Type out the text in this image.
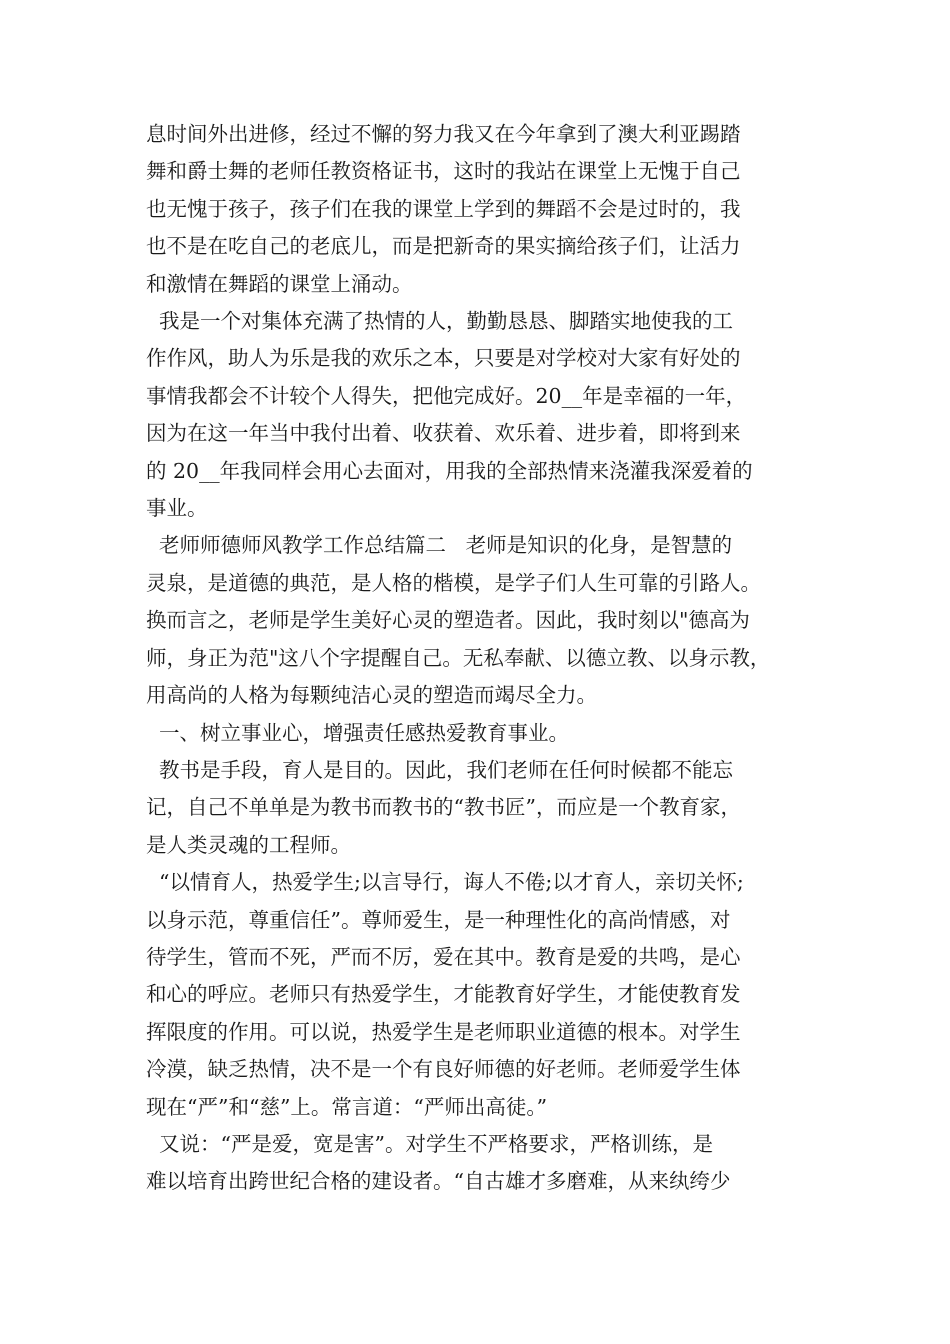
息时间外出进修，经过不懈的努力我又在今年拿到了澳大利亚踢踏

舞和爵士舞的老师任教资格证书，这时的我站在课堂上无愧于自己

也无愧于孩子，孩子们在我的课堂上学到的舞蹈不会是过时的，我

也不是在吃自己的老底儿，而是把新奇的果实摘给孩子们，让活力

和激情在舞蹈的课堂上涌动。

我是一个对集体充满了热情的人，勤勤恳恳、脚踏实地使我的工

作作风，助人为乐是我的欢乐之本，只要是对学校对大家有好处的

事情我都会不计较个人得失，把他完成好。20__年是幸福的一年，

因为在这一年当中我付出着、收获着、欢乐着、进步着，即将到来

的 20__年我同样会用心去面对，用我的全部热情来浇灌我深爱着的

事业。

老师师德师风教学工作总结篇二   老师是知识的化身，是智慧的

灵泉，是道德的典范，是人格的楷模，是学子们人生可靠的引路人。

换而言之，老师是学生美好心灵的塑造者。因此，我时刻以"德高为

师，身正为范"这八个字提醒自己。无私奉献、以德立教、以身示教，

用高尚的人格为每颗纯洁心灵的塑造而竭尽全力。

一、树立事业心，增强责任感热爱教育事业。

教书是手段，育人是目的。因此，我们老师在任何时候都不能忘

记，自己不单单是为教书而教书的“教书匠”，而应是一个教育家，

是人类灵魂的工程师。

“以情育人，热爱学生;以言导行，诲人不倦;以才育人，亲切关怀;

以身示范，尊重信任”。尊师爱生，是一种理性化的高尚情感，对

待学生，管而不死，严而不厉，爱在其中。教育是爱的共鸣，是心

和心的呼应。老师只有热爱学生，才能教育好学生，才能使教育发

挥限度的作用。可以说，热爱学生是老师职业道德的根本。对学生

冷漠，缺乏热情，决不是一个有良好师德的好老师。老师爱学生体

现在“严”和“慈”上。常言道：“严师出高徒。”

又说：“严是爱，宽是害”。对学生不严格要求，严格训练，是

难以培育出跨世纪合格的建设者。“自古雄才多磨难，从来纨绔少
